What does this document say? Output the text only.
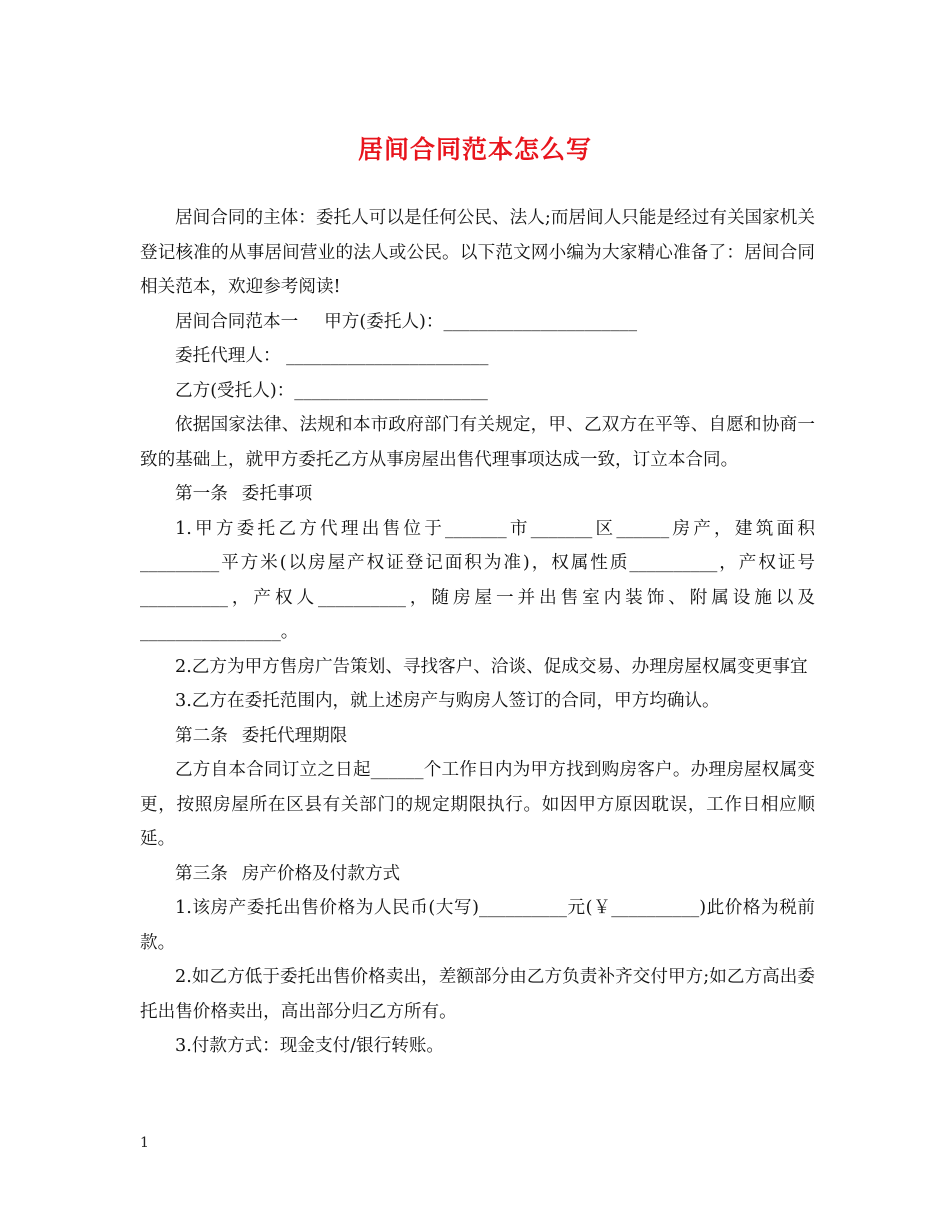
居间合同范本怎么写

居间合同的主体：委托人可以是任何公民、法人;而居间人只能是经过有关国家机关登记核准的从事居间营业的法人或公民。以下范文网小编为大家精心准备了：居间合同相关范本，欢迎参考阅读!

居间合同范本一 甲方(委托人)：______________________

委托代理人： _______________________

乙方(受托人)：______________________

依据国家法律、法规和本市政府部门有关规定，甲、乙双方在平等、自愿和协商一致的基础上，就甲方委托乙方从事房屋出售代理事项达成一致，订立本合同。

第一条 委托事项

1.甲方委托乙方代理出售位于_______市_______区______房产，建筑面积_________平方米(以房屋产权证登记面积为准)，权属性质__________，产权证号__________，产权人__________，随房屋一并出售室内装饰、附属设施以及________________。

2.乙方为甲方售房广告策划、寻找客户、洽谈、促成交易、办理房屋权属变更事宜

3.乙方在委托范围内，就上述房产与购房人签订的合同，甲方均确认。

第二条 委托代理期限

乙方自本合同订立之日起______个工作日内为甲方找到购房客户。办理房屋权属变更，按照房屋所在区县有关部门的规定期限执行。如因甲方原因耽误，工作日相应顺延。

第三条 房产价格及付款方式

1.该房产委托出售价格为人民币(大写)__________元(￥__________)此价格为税前款。

2.如乙方低于委托出售价格卖出，差额部分由乙方负责补齐交付甲方;如乙方高出委托出售价格卖出，高出部分归乙方所有。

3.付款方式：现金支付/银行转账。

1
